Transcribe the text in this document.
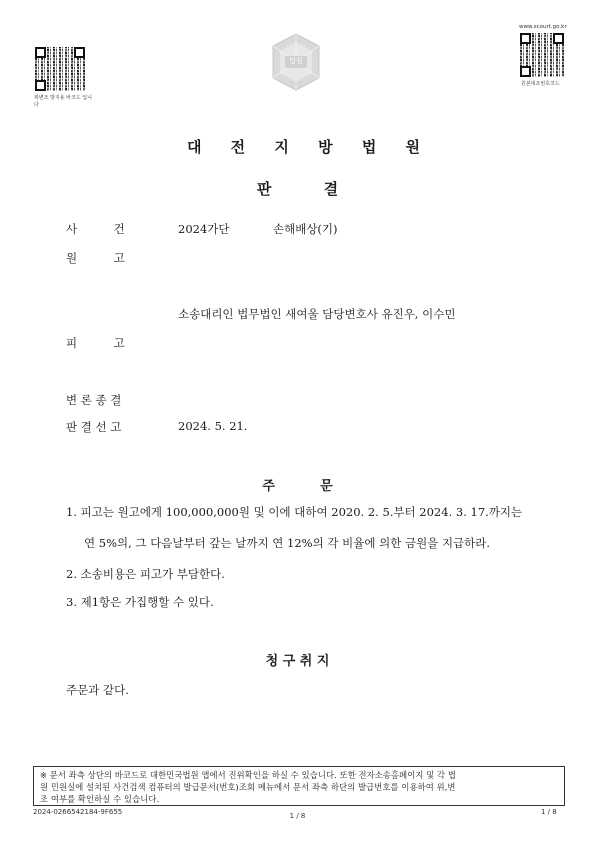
위변조 방지용 바코드 입니다
법원
www.scourt.go.kr
원본대조번호코드
대 전 지 방 법 원
판          결
사          건	2024가단	손해배상(기)
원          고
소송대리인 법무법인 새여울 담당변호사 유진우, 이수민
피          고
변 론 종 결
판 결 선 고	2024. 5. 21.
주          문
1. 피고는 원고에게 100,000,000원 및 이에 대하여 2020. 2. 5.부터 2024. 3. 17.까지는
연 5%의, 그 다음날부터 갚는 날까지 연 12%의 각 비율에 의한 금원을 지급하라.
2. 소송비용은 피고가 부담한다.
3. 제1항은 가집행할 수 있다.
청 구 취 지
주문과 같다.
※ 문서 좌측 상단의 바코드로 대한민국법원 앱에서 진위확인을 하실 수 있습니다. 또한 전자소송홈페이지 및 각 법
원 민원실에 설치된 사건검색 컴퓨터의 발급문서(번호)조회 메뉴에서 문서 좌측 하단의 발급번호를 이용하여 위,변
조 여부를 확인하실 수 있습니다.
2024-0266542184-9F655	1 / 8	1 / 8
